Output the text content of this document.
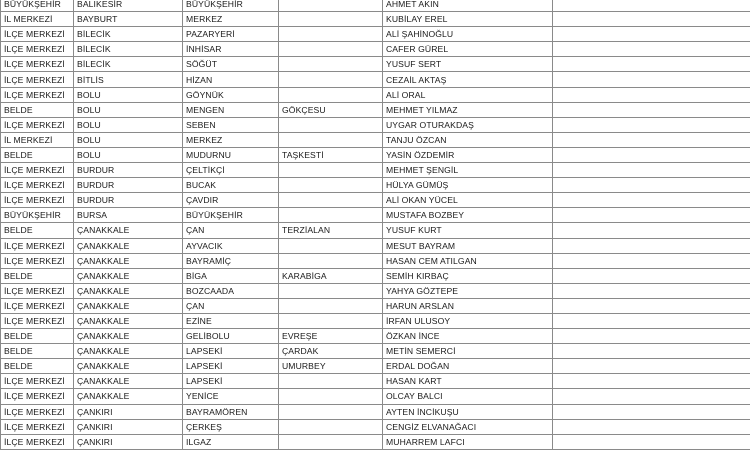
BÜYÜKŞEHİR	BALIKESİR	BÜYÜKŞEHİR		AHMET AKIN	
İL MERKEZİ	BAYBURT	MERKEZ		KUBİLAY EREL	
İLÇE MERKEZİ	BİLECİK	PAZARYERİ		ALİ ŞAHİNOĞLU	
İLÇE MERKEZİ	BİLECİK	İNHİSAR		CAFER GÜREL	
İLÇE MERKEZİ	BİLECİK	SÖĞÜT		YUSUF SERT	
İLÇE MERKEZİ	BİTLİS	HİZAN		CEZAİL AKTAŞ	
İLÇE MERKEZİ	BOLU	GÖYNÜK		ALİ ORAL	
BELDE	BOLU	MENGEN	GÖKÇESU	MEHMET YILMAZ	
İLÇE MERKEZİ	BOLU	SEBEN		UYGAR OTURAKDAŞ	
İL MERKEZİ	BOLU	MERKEZ		TANJU ÖZCAN	
BELDE	BOLU	MUDURNU	TAŞKESTİ	YASİN ÖZDEMİR	
İLÇE MERKEZİ	BURDUR	ÇELTİKÇİ		MEHMET ŞENGİL	
İLÇE MERKEZİ	BURDUR	BUCAK		HÜLYA GÜMÜŞ	
İLÇE MERKEZİ	BURDUR	ÇAVDIR		ALİ OKAN YÜCEL	
BÜYÜKŞEHİR	BURSA	BÜYÜKŞEHİR		MUSTAFA BOZBEY	
BELDE	ÇANAKKALE	ÇAN	TERZİALAN	YUSUF KURT	
İLÇE MERKEZİ	ÇANAKKALE	AYVACIK		MESUT BAYRAM	
İLÇE MERKEZİ	ÇANAKKALE	BAYRAMİÇ		HASAN CEM ATILGAN	
BELDE	ÇANAKKALE	BİGA	KARABİGA	SEMİH KIRBAÇ	
İLÇE MERKEZİ	ÇANAKKALE	BOZCAADA		YAHYA GÖZTEPE	
İLÇE MERKEZİ	ÇANAKKALE	ÇAN		HARUN ARSLAN	
İLÇE MERKEZİ	ÇANAKKALE	EZİNE		İRFAN ULUSOY	
BELDE	ÇANAKKALE	GELİBOLU	EVREŞE	ÖZKAN İNCE	
BELDE	ÇANAKKALE	LAPSEKİ	ÇARDAK	METİN SEMERCİ	
BELDE	ÇANAKKALE	LAPSEKİ	UMURBEY	ERDAL DOĞAN	
İLÇE MERKEZİ	ÇANAKKALE	LAPSEKİ		HASAN KART	
İLÇE MERKEZİ	ÇANAKKALE	YENİCE		OLCAY BALCI	
İLÇE MERKEZİ	ÇANKIRI	BAYRAMÖREN		AYTEN İNCİKUŞU	
İLÇE MERKEZİ	ÇANKIRI	ÇERKEŞ		CENGİZ ELVANAĞACI	
İLÇE MERKEZİ	ÇANKIRI	ILGAZ		MUHARREM LAFCI	
